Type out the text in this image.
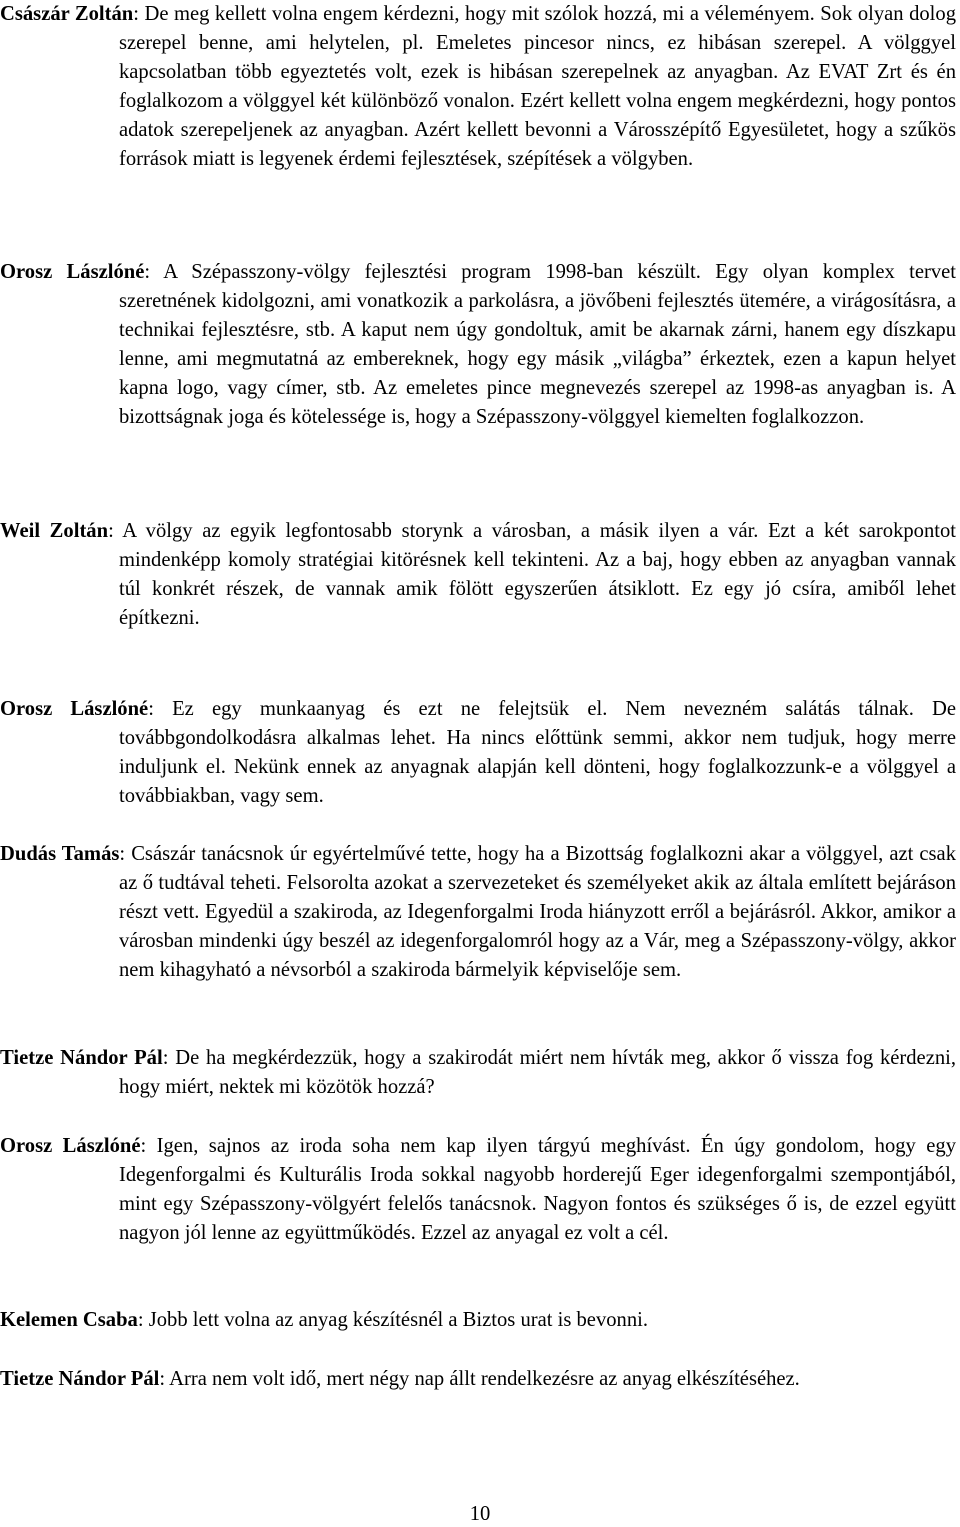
Császár Zoltán: De meg kellett volna engem kérdezni, hogy mit szólok hozzá, mi a véleményem. Sok olyan dolog szerepel benne, ami helytelen, pl. Emeletes pincesor nincs, ez hibásan szerepel. A völggyel kapcsolatban több egyeztetés volt, ezek is hibásan szerepelnek az anyagban. Az EVAT Zrt és én foglalkozom a völggyel két különböző vonalon. Ezért kellett volna engem megkérdezni, hogy pontos adatok szerepeljenek az anyagban. Azért kellett bevonni a Városszépítő Egyesületet, hogy a szűkös források miatt is legyenek érdemi fejlesztések, szépítések a völgyben.

Orosz Lászlóné: A Szépasszony-völgy fejlesztési program 1998-ban készült. Egy olyan komplex tervet szeretnének kidolgozni, ami vonatkozik a parkolásra, a jövőbeni fejlesztés ütemére, a virágosításra, a technikai fejlesztésre, stb. A kaput nem úgy gondoltuk, amit be akarnak zárni, hanem egy díszkapu lenne, ami megmutatná az embereknek, hogy egy másik „világba” érkeztek, ezen a kapun helyet kapna logo, vagy címer, stb. Az emeletes pince megnevezés szerepel az 1998-as anyagban is. A bizottságnak joga és kötelessége is, hogy a Szépasszony-völggyel kiemelten foglalkozzon.

Weil Zoltán: A völgy az egyik legfontosabb storynk a városban, a másik ilyen a vár. Ezt a két sarokpontot mindenképp komoly stratégiai kitörésnek kell tekinteni. Az a baj, hogy ebben az anyagban vannak túl konkrét részek, de vannak amik fölött egyszerűen átsiklott. Ez egy jó csíra, amiből lehet építkezni.

Orosz Lászlóné: Ez egy munkaanyag és ezt ne felejtsük el. Nem nevezném salátás tálnak. De továbbgondolkodásra alkalmas lehet. Ha nincs előttünk semmi, akkor nem tudjuk, hogy merre induljunk el. Nekünk ennek az anyagnak alapján kell dönteni, hogy foglalkozzunk-e a völggyel a továbbiakban, vagy sem.

Dudás Tamás: Császár tanácsnok úr egyértelművé tette, hogy ha a Bizottság foglalkozni akar a völggyel, azt csak az ő tudtával teheti. Felsorolta azokat a szervezeteket és személyeket akik az általa említett bejáráson részt vett. Egyedül a szakiroda, az Idegenforgalmi Iroda hiányzott erről a bejárásról. Akkor, amikor a városban mindenki úgy beszél az idegenforgalomról hogy az a Vár, meg a Szépasszony-völgy, akkor nem kihagyható a névsorból a szakiroda bármelyik képviselője sem.

Tietze Nándor Pál: De ha megkérdezzük, hogy a szakirodát miért nem hívták meg, akkor ő vissza fog kérdezni, hogy miért, nektek mi közötök hozzá?

Orosz Lászlóné: Igen, sajnos az iroda soha nem kap ilyen tárgyú meghívást. Én úgy gondolom, hogy egy Idegenforgalmi és Kulturális Iroda sokkal nagyobb horderejű Eger idegenforgalmi szempontjából, mint egy Szépasszony-völgyért felelős tanácsnok. Nagyon fontos és szükséges ő is, de ezzel együtt nagyon jól lenne az együttműködés. Ezzel az anyagal ez volt a cél.

Kelemen Csaba: Jobb lett volna az anyag készítésnél a Biztos urat is bevonni.

Tietze Nándor Pál: Arra nem volt idő, mert négy nap állt rendelkezésre az anyag elkészítéséhez.

10
